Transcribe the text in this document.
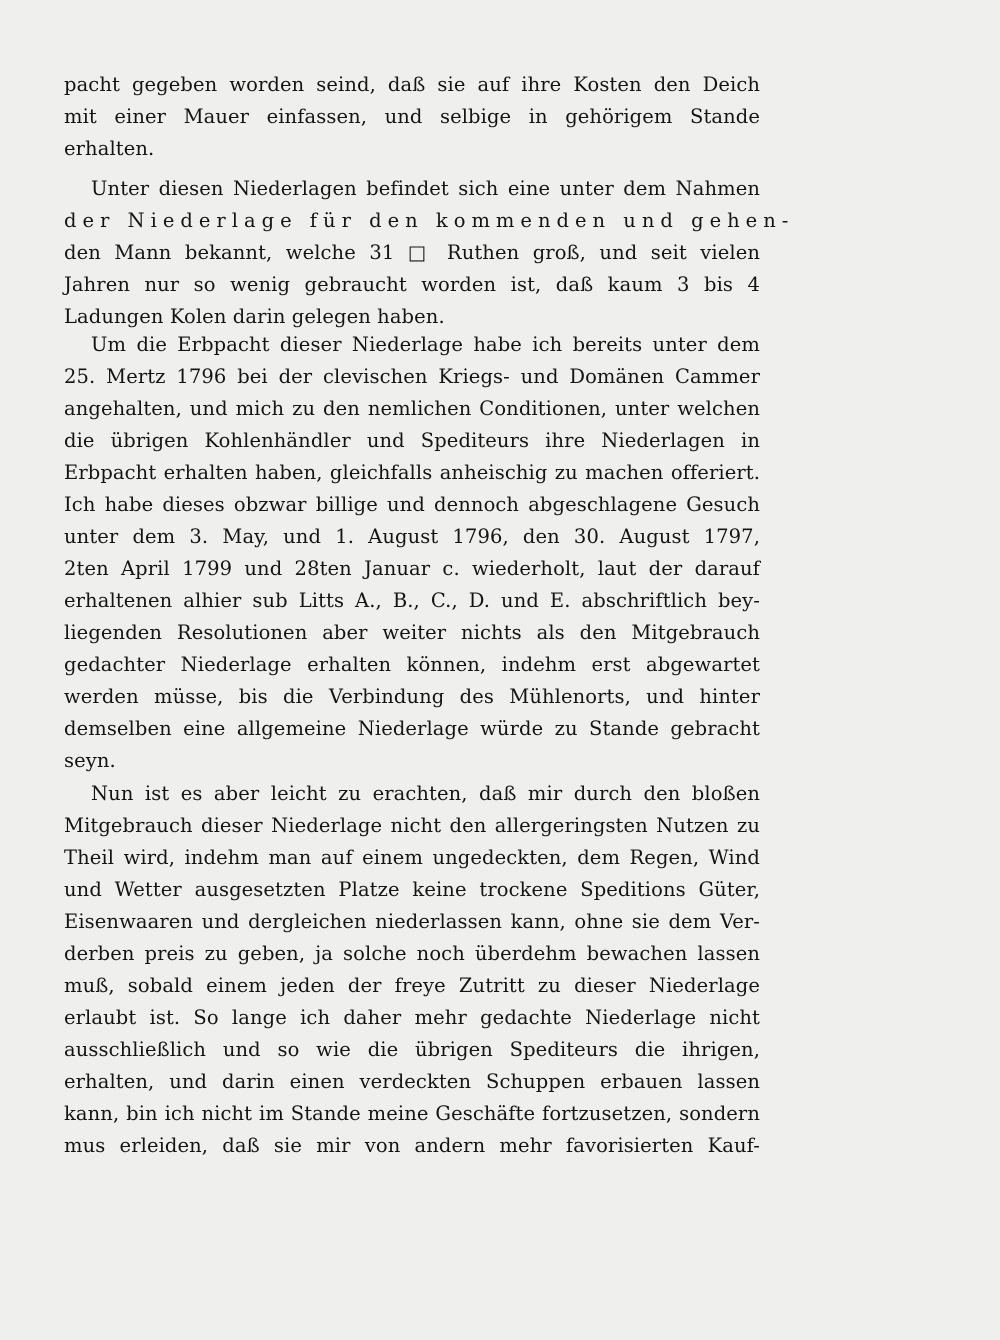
pacht gegeben worden seind, daß sie auf ihre Kosten den Deich
mit einer Mauer einfassen, und selbige in gehörigem Stande
erhalten.
Unter diesen Niederlagen befindet sich eine unter dem Nahmen
der Niederlage für den kommenden und gehen-
den Mann bekannt, welche 31 □ Ruthen groß, und seit vielen
Jahren nur so wenig gebraucht worden ist, daß kaum 3 bis 4
Ladungen Kolen darin gelegen haben.
Um die Erbpacht dieser Niederlage habe ich bereits unter dem
25. Mertz 1796 bei der clevischen Kriegs- und Domänen Cammer
angehalten, und mich zu den nemlichen Conditionen, unter welchen
die übrigen Kohlenhändler und Spediteurs ihre Niederlagen in
Erbpacht erhalten haben, gleichfalls anheischig zu machen offeriert.
Ich habe dieses obzwar billige und dennoch abgeschlagene Gesuch
unter dem 3. May, und 1. August 1796, den 30. August 1797,
2ten April 1799 und 28ten Januar c. wiederholt, laut der darauf
erhaltenen alhier sub Litts A., B., C., D. und E. abschriftlich bey-
liegenden Resolutionen aber weiter nichts als den Mitgebrauch
gedachter Niederlage erhalten können, indehm erst abgewartet
werden müsse, bis die Verbindung des Mühlenorts, und hinter
demselben eine allgemeine Niederlage würde zu Stande gebracht
seyn.
Nun ist es aber leicht zu erachten, daß mir durch den bloßen
Mitgebrauch dieser Niederlage nicht den allergeringsten Nutzen zu
Theil wird, indehm man auf einem ungedeckten, dem Regen, Wind
und Wetter ausgesetzten Platze keine trockene Speditions Güter,
Eisenwaaren und dergleichen niederlassen kann, ohne sie dem Ver-
derben preis zu geben, ja solche noch überdehm bewachen lassen
muß, sobald einem jeden der freye Zutritt zu dieser Niederlage
erlaubt ist. So lange ich daher mehr gedachte Niederlage nicht
ausschließlich und so wie die übrigen Spediteurs die ihrigen,
erhalten, und darin einen verdeckten Schuppen erbauen lassen
kann, bin ich nicht im Stande meine Geschäfte fortzusetzen, sondern
mus erleiden, daß sie mir von andern mehr favorisierten Kauf-
